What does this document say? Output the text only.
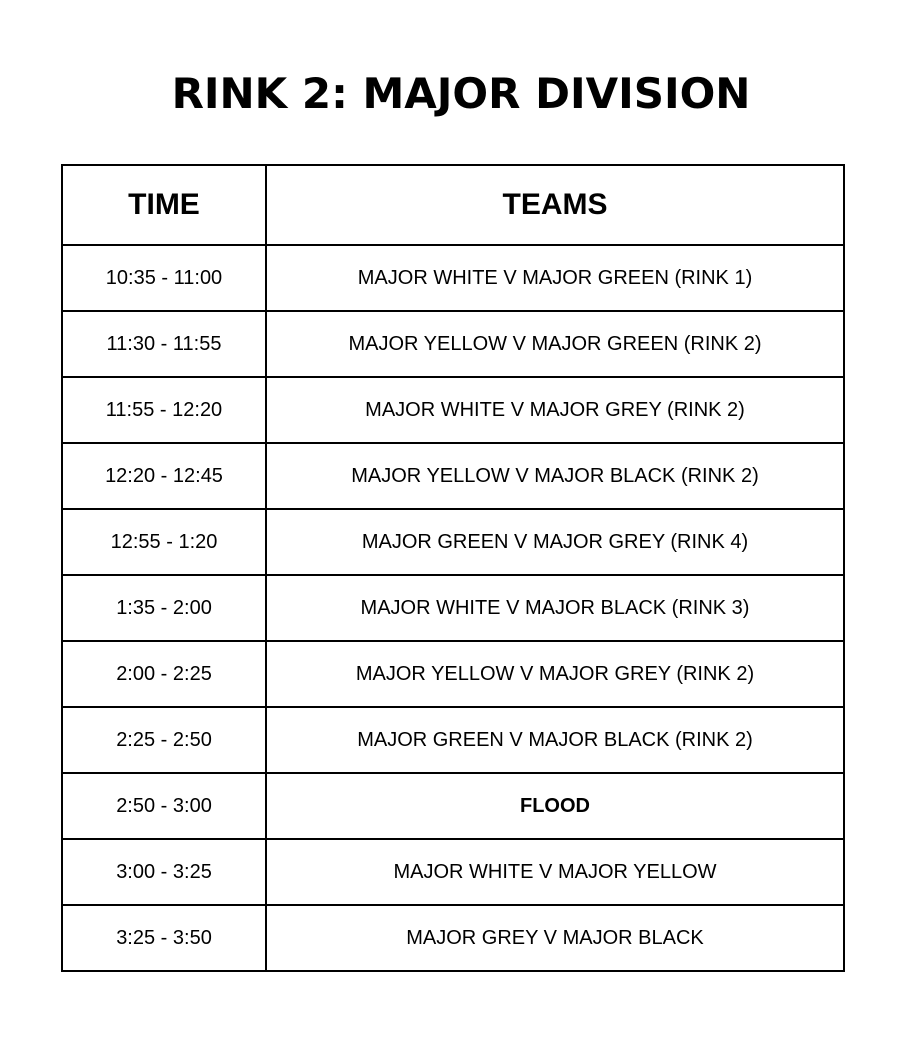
RINK 2: MAJOR DIVISION
TIME	TEAMS
10:35 - 11:00	MAJOR WHITE V MAJOR GREEN (RINK 1)
11:30 - 11:55	MAJOR YELLOW V MAJOR GREEN (RINK 2)
11:55 - 12:20	MAJOR WHITE V MAJOR GREY (RINK 2)
12:20 - 12:45	MAJOR YELLOW V MAJOR BLACK (RINK 2)
12:55 - 1:20	MAJOR GREEN V MAJOR GREY (RINK 4)
1:35 - 2:00	MAJOR WHITE V MAJOR BLACK (RINK 3)
2:00 - 2:25	MAJOR YELLOW V MAJOR GREY (RINK 2)
2:25 - 2:50	MAJOR GREEN V MAJOR BLACK (RINK 2)
2:50 - 3:00	FLOOD
3:00 - 3:25	MAJOR WHITE V MAJOR YELLOW
3:25 - 3:50	MAJOR GREY V MAJOR BLACK
